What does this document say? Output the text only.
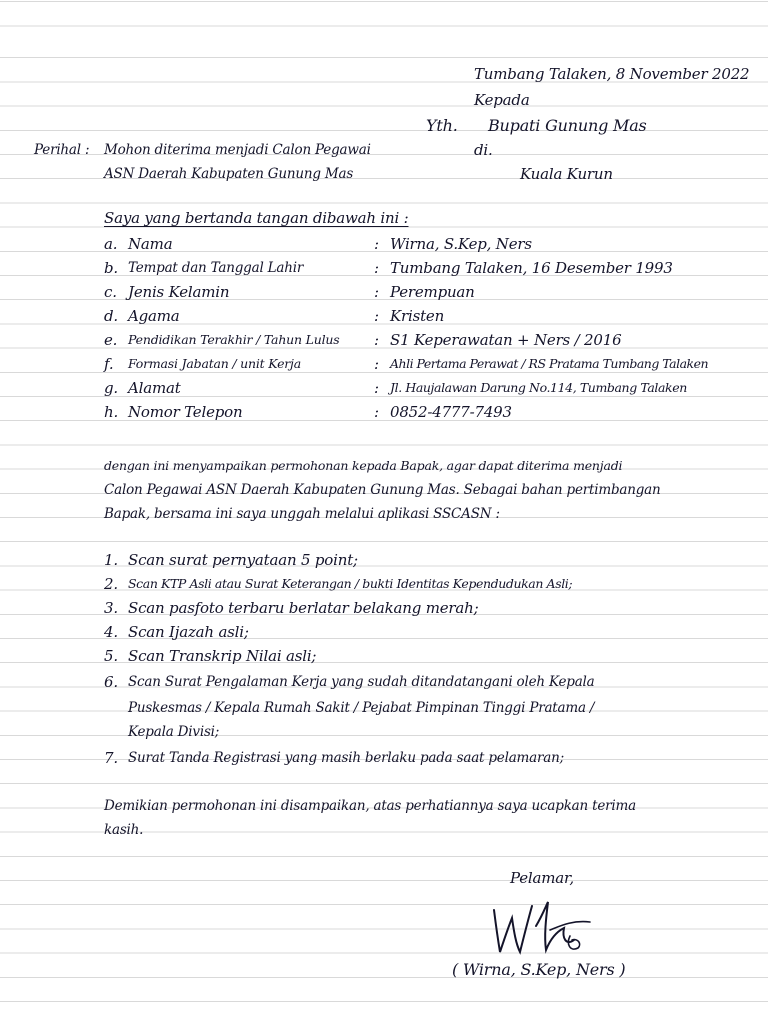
Tumbang Talaken, 8 November 2022
Kepada
Yth. Bupati Gunung Mas
di.
Kuala Kurun
Perihal : Mohon diterima menjadi Calon Pegawai
ASN Daerah Kabupaten Gunung Mas
Saya yang bertanda tangan dibawah ini :
a. Nama	: Wirna, S.Kep, Ners
b. Tempat dan Tanggal Lahir	: Tumbang Talaken, 16 Desember 1993
c. Jenis Kelamin	: Perempuan
d. Agama	: Kristen
e. Pendidikan Terakhir / Tahun Lulus : S1 Keperawatan + Ners / 2016
f. Formasi Jabatan / unit Kerja	: Ahli Pertama Perawat / RS Pratama Tumbang Talaken
g. Alamat	: Jl. Haujalawan Darung No.114, Tumbang Talaken
h. Nomor Telepon	: 0852-4777-7493
dengan ini menyampaikan permohonan kepada Bapak, agar dapat diterima menjadi
Calon Pegawai ASN Daerah Kabupaten Gunung Mas. Sebagai bahan pertimbangan
Bapak, bersama ini saya unggah melalui aplikasi SSCASN :
1. Scan surat pernyataan 5 point;
2. Scan KTP Asli atau Surat Keterangan / bukti Identitas Kependudukan Asli;
3. Scan pasfoto terbaru berlatar belakang merah;
4. Scan Ijazah asli;
5. Scan Transkrip Nilai asli;
6. Scan Surat Pengalaman Kerja yang sudah ditandatangani oleh Kepala
Puskesmas / Kepala Rumah Sakit / Pejabat Pimpinan Tinggi Pratama /
Kepala Divisi;
7. Surat Tanda Registrasi yang masih berlaku pada saat pelamaran;
Demikian permohonan ini disampaikan, atas perhatiannya saya ucapkan terima
kasih.
Pelamar,
( Wirna, S.Kep, Ners )
